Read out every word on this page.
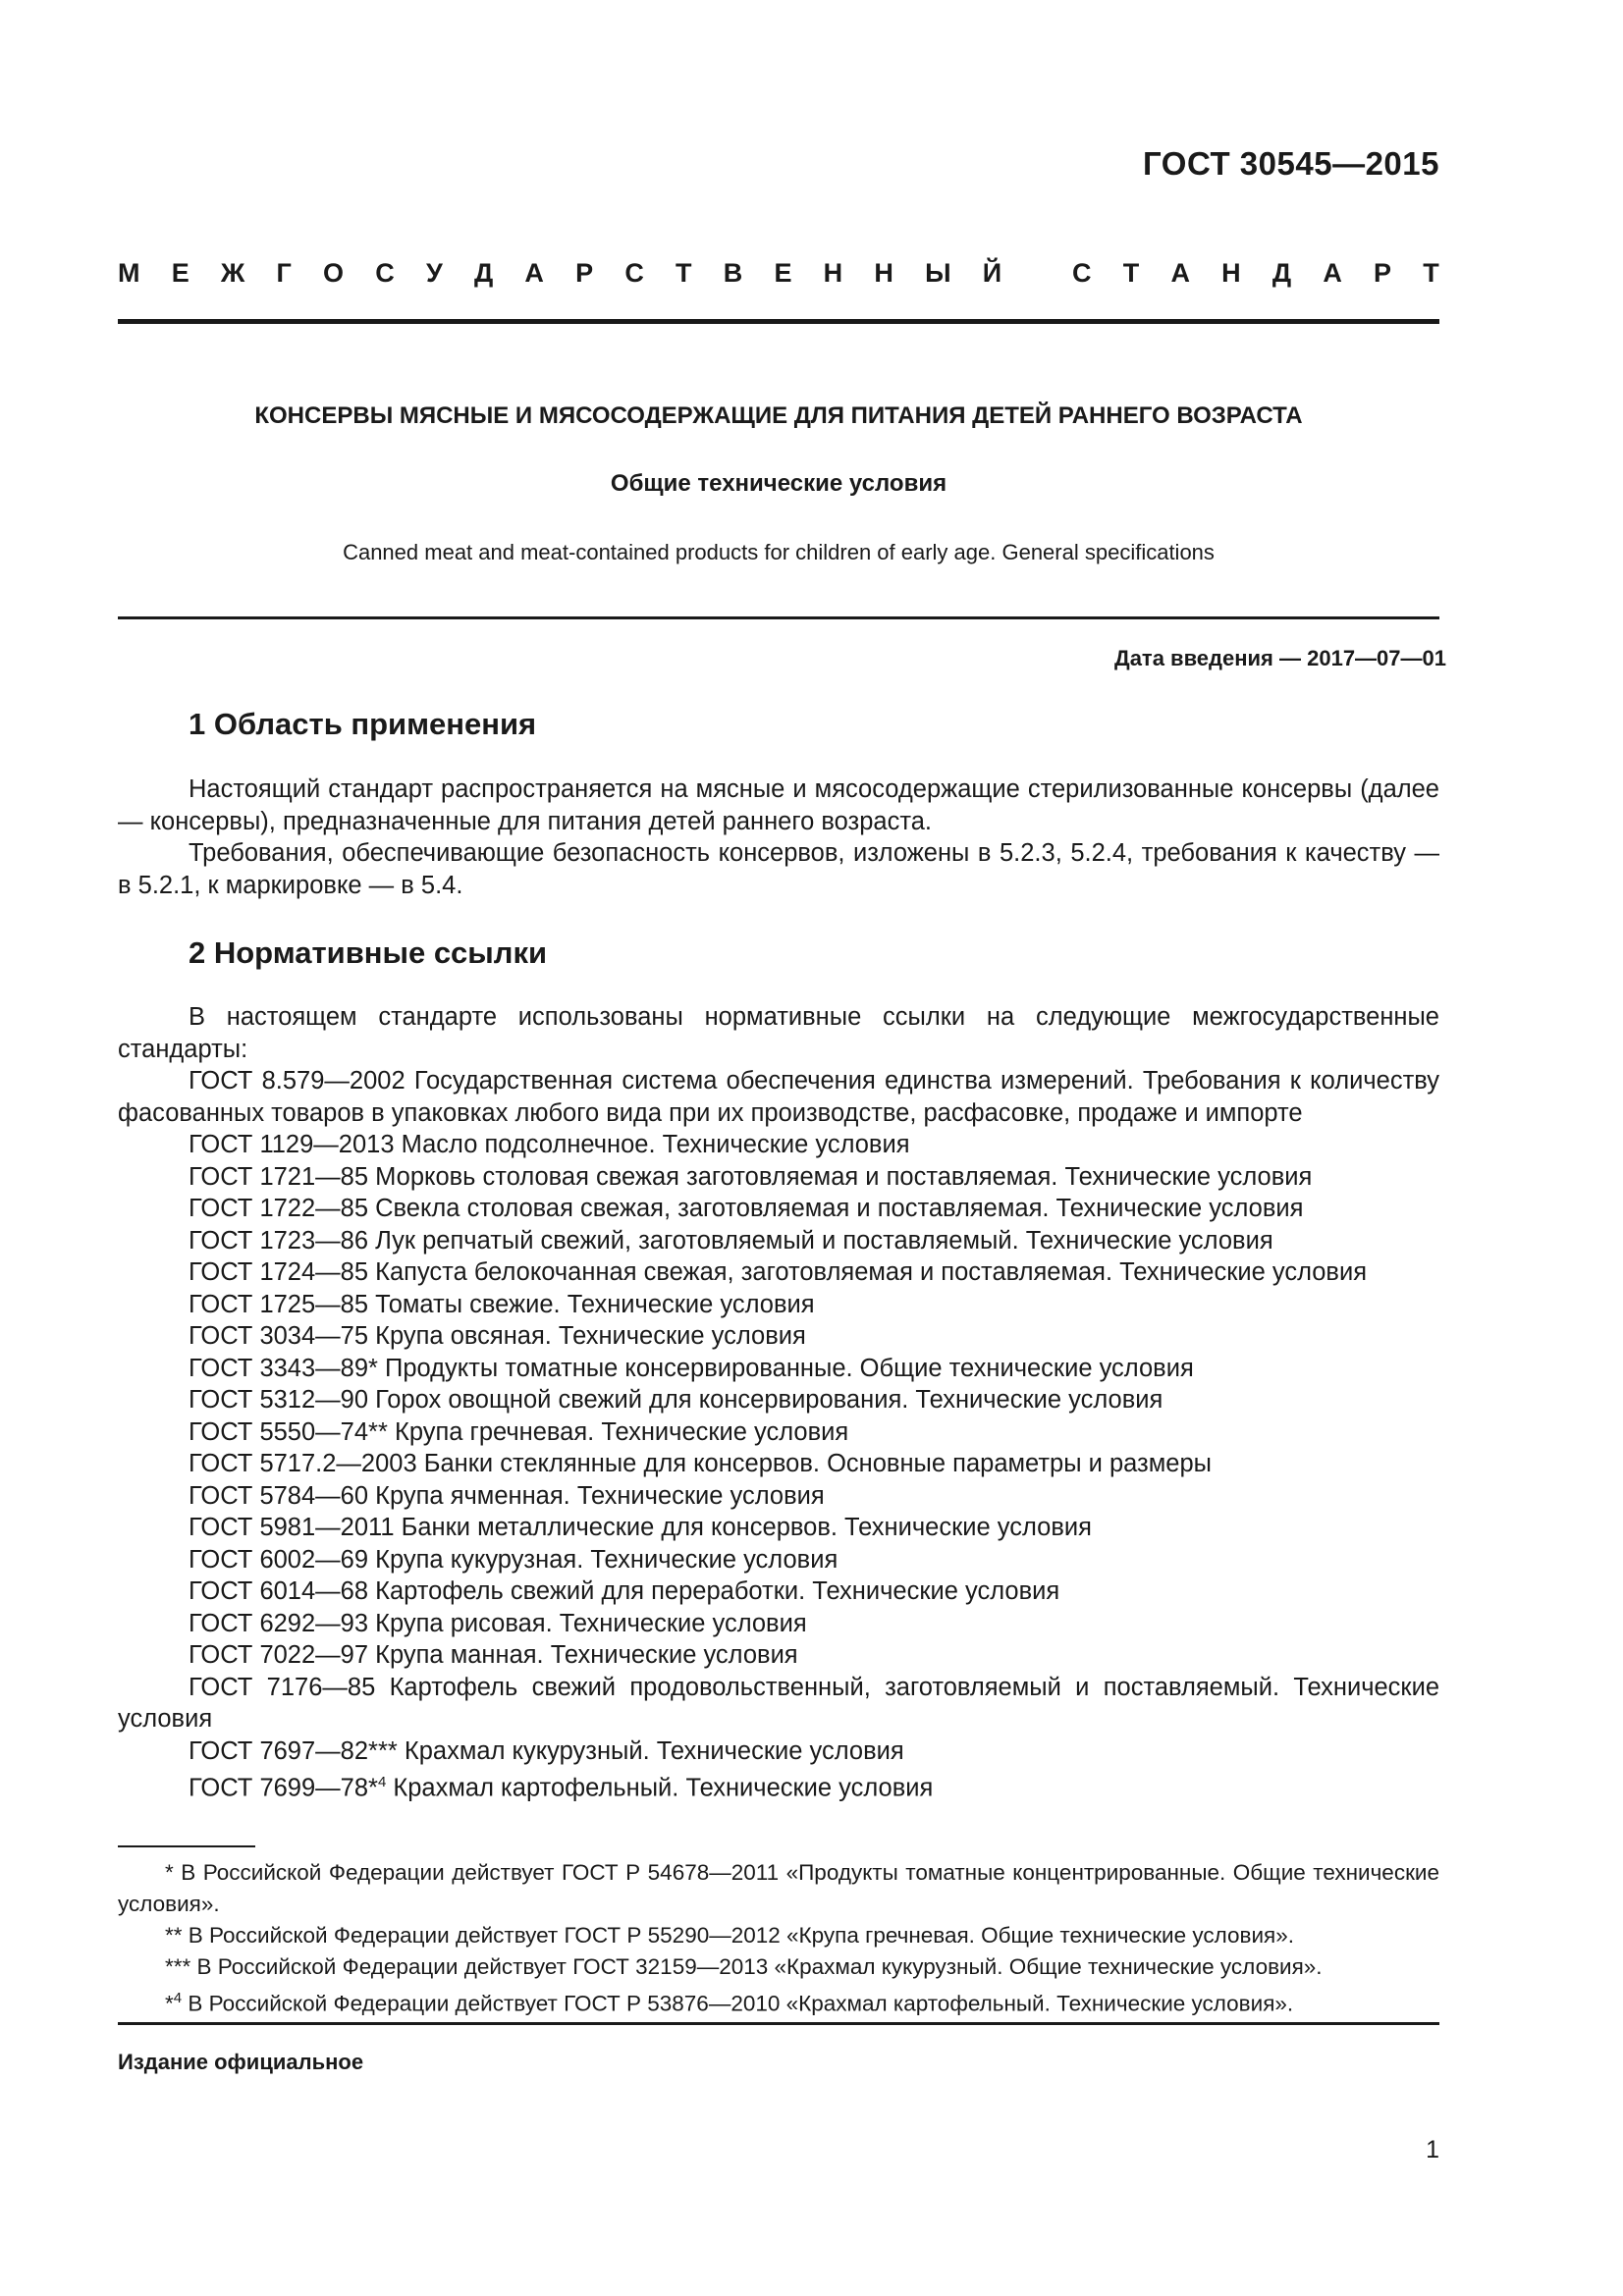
ГОСТ 30545—2015
М Е Ж Г О С У Д А Р С Т В Е Н Н Ы Й
	С Т А Н Д А Р Т
КОНСЕРВЫ МЯСНЫЕ И МЯСОСОДЕРЖАЩИЕ ДЛЯ ПИТАНИЯ ДЕТЕЙ РАННЕГО ВОЗРАСТА
Общие технические условия
Canned meat and meat-contained products for children of early age. General specifications
Дата введения — 2017—07—01
1 Область применения

Настоящий стандарт распространяется на мясные и мясосодержащие стерилизованные консервы (далее — консервы), предназначенные для питания детей раннего возраста.

Требования, обеспечивающие безопасность консервов, изложены в 5.2.3, 5.2.4, требования к качеству — в 5.2.1, к маркировке — в 5.4.

2 Нормативные ссылки
В настоящем стандарте использованы нормативные ссылки на следующие межгосударственные стандарты:
ГОСТ 8.579—2002 Государственная система обеспечения единства измерений. Требования к количеству фасованных товаров в упаковках любого вида при их производстве, расфасовке, продаже и импорте
ГОСТ 1129—2013 Масло подсолнечное. Технические условия
ГОСТ 1721—85 Морковь столовая свежая заготовляемая и поставляемая. Технические условия
ГОСТ 1722—85 Свекла столовая свежая, заготовляемая и поставляемая. Технические условия
ГОСТ 1723—86 Лук репчатый свежий, заготовляемый и поставляемый. Технические условия
ГОСТ 1724—85 Капуста белокочанная свежая, заготовляемая и поставляемая. Технические условия
ГОСТ 1725—85 Томаты свежие. Технические условия
ГОСТ 3034—75 Крупа овсяная. Технические условия
ГОСТ 3343—89* Продукты томатные консервированные. Общие технические условия
ГОСТ 5312—90 Горох овощной свежий для консервирования. Технические условия
ГОСТ 5550—74** Крупа гречневая. Технические условия
ГОСТ 5717.2—2003 Банки стеклянные для консервов. Основные параметры и размеры
ГОСТ 5784—60 Крупа ячменная. Технические условия
ГОСТ 5981—2011 Банки металлические для консервов. Технические условия
ГОСТ 6002—69 Крупа кукурузная. Технические условия
ГОСТ 6014—68 Картофель свежий для переработки. Технические условия
ГОСТ 6292—93 Крупа рисовая. Технические условия
ГОСТ 7022—97 Крупа манная. Технические условия
ГОСТ 7176—85 Картофель свежий продовольственный, заготовляемый и поставляемый. Технические условия
ГОСТ 7697—82*** Крахмал кукурузный. Технические условия
ГОСТ 7699—78*$^4$ Крахмал картофельный. Технические условия

* В Российской Федерации действует ГОСТ Р 54678—2011 «Продукты томатные концентрированные. Общие технические условия».

** В Российской Федерации действует ГОСТ Р 55290—2012 «Крупа гречневая. Общие технические условия».

*** В Российской Федерации действует ГОСТ 32159—2013 «Крахмал кукурузный. Общие технические условия».

*$^4$ В Российской Федерации действует ГОСТ Р 53876—2010 «Крахмал картофельный. Технические условия».

Издание официальное
1
